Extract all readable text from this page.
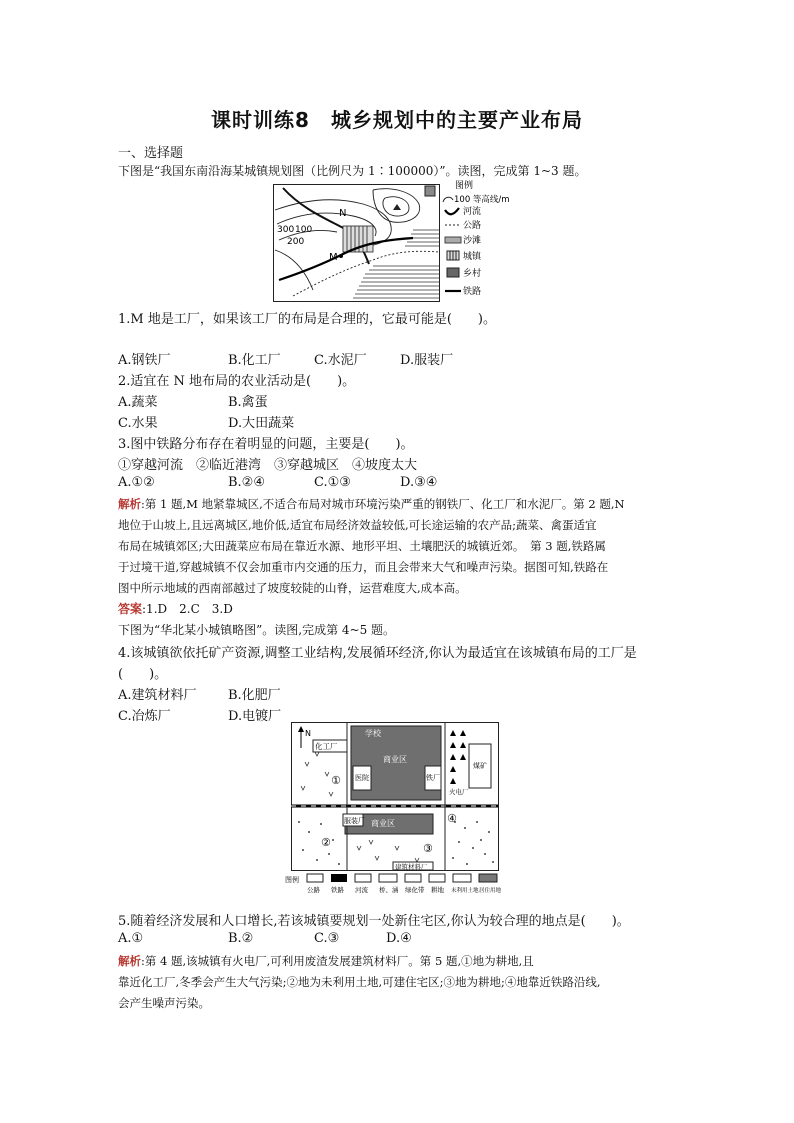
课时训练8　城乡规划中的主要产业布局
一、选择题
下图是“我国东南沿海某城镇规划图（比例尺为 1∶100000）”。读图，完成第 1~3 题。
M
N
300 100
200
图例
100 等高线/m
河流
公路
沙滩
城镇
乡村
铁路
1.M 地是工厂，如果该工厂的布局是合理的，它最可能是(　　)。
A.钢铁厂	B.化工厂	C.水泥厂	D.服装厂
2.适宜在 N 地布局的农业活动是(　　)。
A.蔬菜	B.禽蛋
C.水果	D.大田蔬菜
3.图中铁路分布存在着明显的问题，主要是(　　)。
①穿越河流　②临近港湾　③穿越城区　④坡度太大
A.①②	B.②④	C.①③	D.③④
解析:第 1 题,M 地紧靠城区,不适合布局对城市环境污染严重的钢铁厂、化工厂和水泥厂。第 2 题,N
地位于山坡上,且远离城区,地价低,适宜布局经济效益较低,可长途运输的农产品;蔬菜、禽蛋适宜
布局在城镇郊区;大田蔬菜应布局在靠近水源、地形平坦、土壤肥沃的城镇近郊。　第 3 题,铁路属
于过境干道,穿越城镇不仅会加重市内交通的压力，而且会带来大气和噪声污染。据图可知,铁路在
图中所示地域的西南部越过了坡度较陡的山脊，运营难度大,成本高。
答案:1.D　2.C　3.D
下图为“华北某小城镇略图”。读图,完成第 4~5 题。
4.该城镇欲依托矿产资源,调整工业结构,发展循环经济,你认为最适宜在该城镇布局的工厂是
(　　)。
A.建筑材料厂 B.化肥厂
C.冶炼厂	D.电镀厂
N	学校
化工厂
商业区
商业区
医院
火电厂
煤矿
铁厂
服装厂
建筑材料厂
①
②	③
④
图例
公路 铁路 河流 桥、涵 绿化带 耕地 未利用土地 居住用地
5.随着经济发展和人口增长,若该城镇要规划一处新住宅区,你认为较合理的地点是(　　)。
A.①	B.②	C.③	D.④
解析:第 4 题,该城镇有火电厂,可利用废渣发展建筑材料厂。第 5 题,①地为耕地,且
靠近化工厂,冬季会产生大气污染;②地为未利用土地,可建住宅区;③地为耕地;④地靠近铁路沿线,
会产生噪声污染。
